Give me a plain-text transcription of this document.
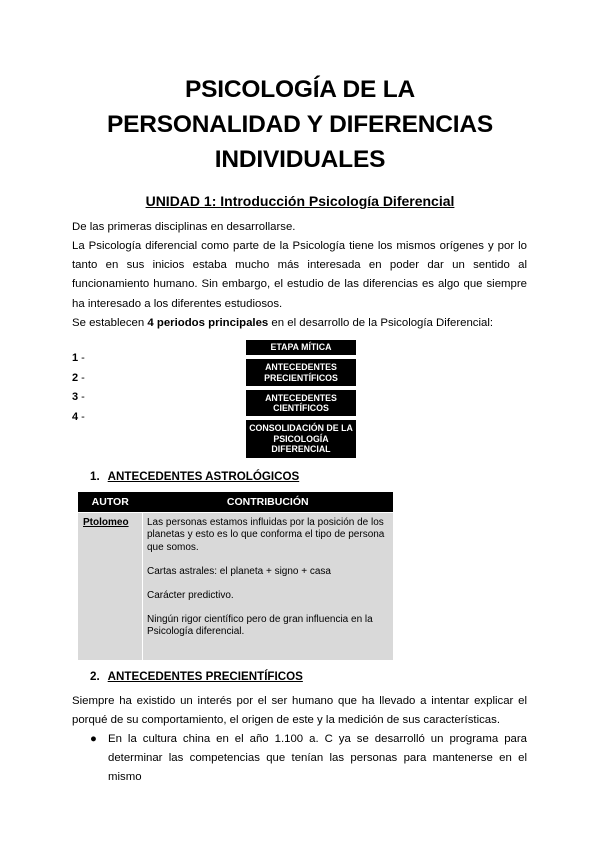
PSICOLOGÍA DE LA
PERSONALIDAD Y DIFERENCIAS
INDIVIDUALES
UNIDAD 1: Introducción Psicología Diferencial
De las primeras disciplinas en desarrollarse.
La Psicología diferencial como parte de la Psicología tiene los mismos orígenes y por lo tanto en sus inicios estaba mucho más interesada en poder dar un sentido al funcionamiento humano. Sin embargo, el estudio de las diferencias es algo que siempre ha interesado a los diferentes estudiosos.
Se establecen 4 periodos principales en el desarrollo de la Psicología Diferencial:
1 -
2 -
3 -
4 -
ETAPA MÍTICA
ANTECEDENTES PRECIENTÍFICOS
ANTECEDENTES CIENTÍFICOS
CONSOLIDACIÓN DE LA PSICOLOGÍA DIFERENCIAL
1. ANTECEDENTES ASTROLÓGICOS
AUTOR	CONTRIBUCIÓN
Ptolomeo	Las personas estamos influidas por la posición de los planetas y esto es lo que conforma el tipo de persona que somos.

Cartas astrales: el planeta + signo + casa

Carácter predictivo.

Ningún rigor científico pero de gran influencia en la Psicología diferencial.

2. ANTECEDENTES PRECIENTÍFICOS
Siempre ha existido un interés por el ser humano que ha llevado a intentar explicar el porqué de su comportamiento, el origen de este y la medición de sus características.
● En la cultura china en el año 1.100 a. C ya se desarrolló un programa para determinar las competencias que tenían las personas para mantenerse en el mismo
